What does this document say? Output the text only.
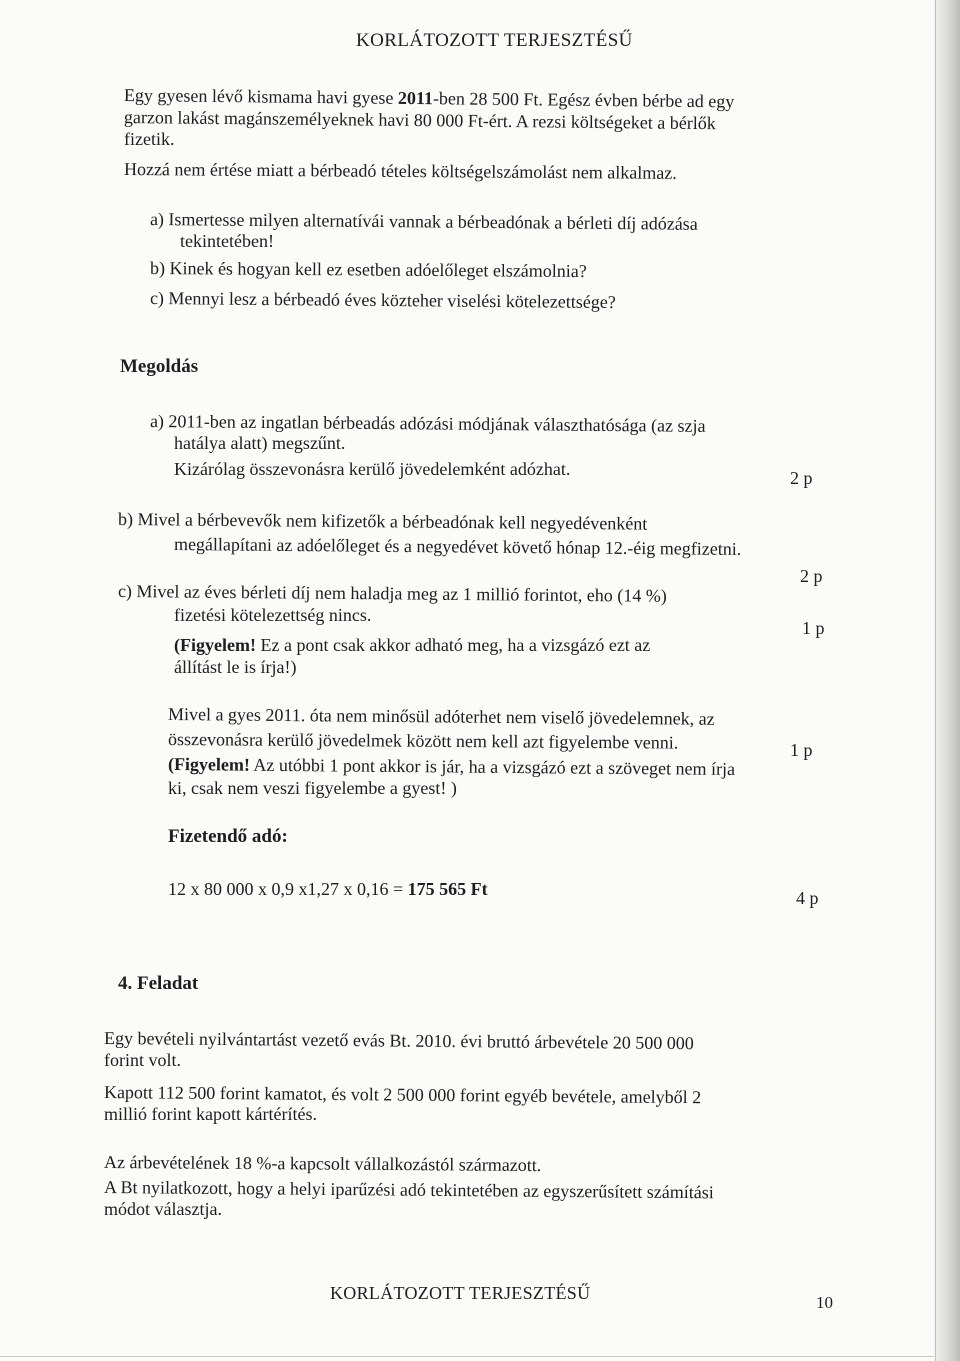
KORLÁTOZOTT TERJESZTÉSŰ
Egy gyesen lévő kismama havi gyese 2011-ben 28 500 Ft. Egész évben bérbe ad egy
garzon lakást magánszemélyeknek havi 80 000 Ft-ért. A rezsi költségeket a bérlők
fizetik.
Hozzá nem értése miatt a bérbeadó tételes költségelszámolást nem alkalmaz.
a) Ismertesse milyen alternatívái vannak a bérbeadónak a bérleti díj adózása
tekintetében!
b) Kinek és hogyan kell ez esetben adóelőleget elszámolnia?
c) Mennyi lesz a bérbeadó éves közteher viselési kötelezettsége?
Megoldás
a) 2011-ben az ingatlan bérbeadás adózási módjának választhatósága (az szja
hatálya alatt) megszűnt.
Kizárólag összevonásra kerülő jövedelemként adózhat.	2 p
b) Mivel a bérbevevők nem kifizetők a bérbeadónak kell negyedévenként
megállapítani az adóelőleget és a negyedévet követő hónap 12.-éig megfizetni.
2 p
c) Mivel az éves bérleti díj nem haladja meg az 1 millió forintot, eho (14 %)
fizetési kötelezettség nincs.
1 p
(Figyelem! Ez a pont csak akkor adható meg, ha a vizsgázó ezt az
állítást le is írja!)
Mivel a gyes 2011. óta nem minősül adóterhet nem viselő jövedelemnek, az
összevonásra kerülő jövedelmek között nem kell azt figyelembe venni.	1 p
(Figyelem! Az utóbbi 1 pont akkor is jár, ha a vizsgázó ezt a szöveget nem írja
ki, csak nem veszi figyelembe a gyest! )
Fizetendő adó:
12 x 80 000 x 0,9 x1,27 x 0,16 = 175 565 Ft	4 p
4. Feladat
Egy bevételi nyilvántartást vezető evás Bt. 2010. évi bruttó árbevétele 20 500 000
forint volt.
Kapott 112 500 forint kamatot, és volt 2 500 000 forint egyéb bevétele, amelyből 2
millió forint kapott kártérítés.
Az árbevételének 18 %-a kapcsolt vállalkozástól származott.
A Bt nyilatkozott, hogy a helyi iparűzési adó tekintetében az egyszerűsített számítási
módot választja.
KORLÁTOZOTT TERJESZTÉSŰ	10
